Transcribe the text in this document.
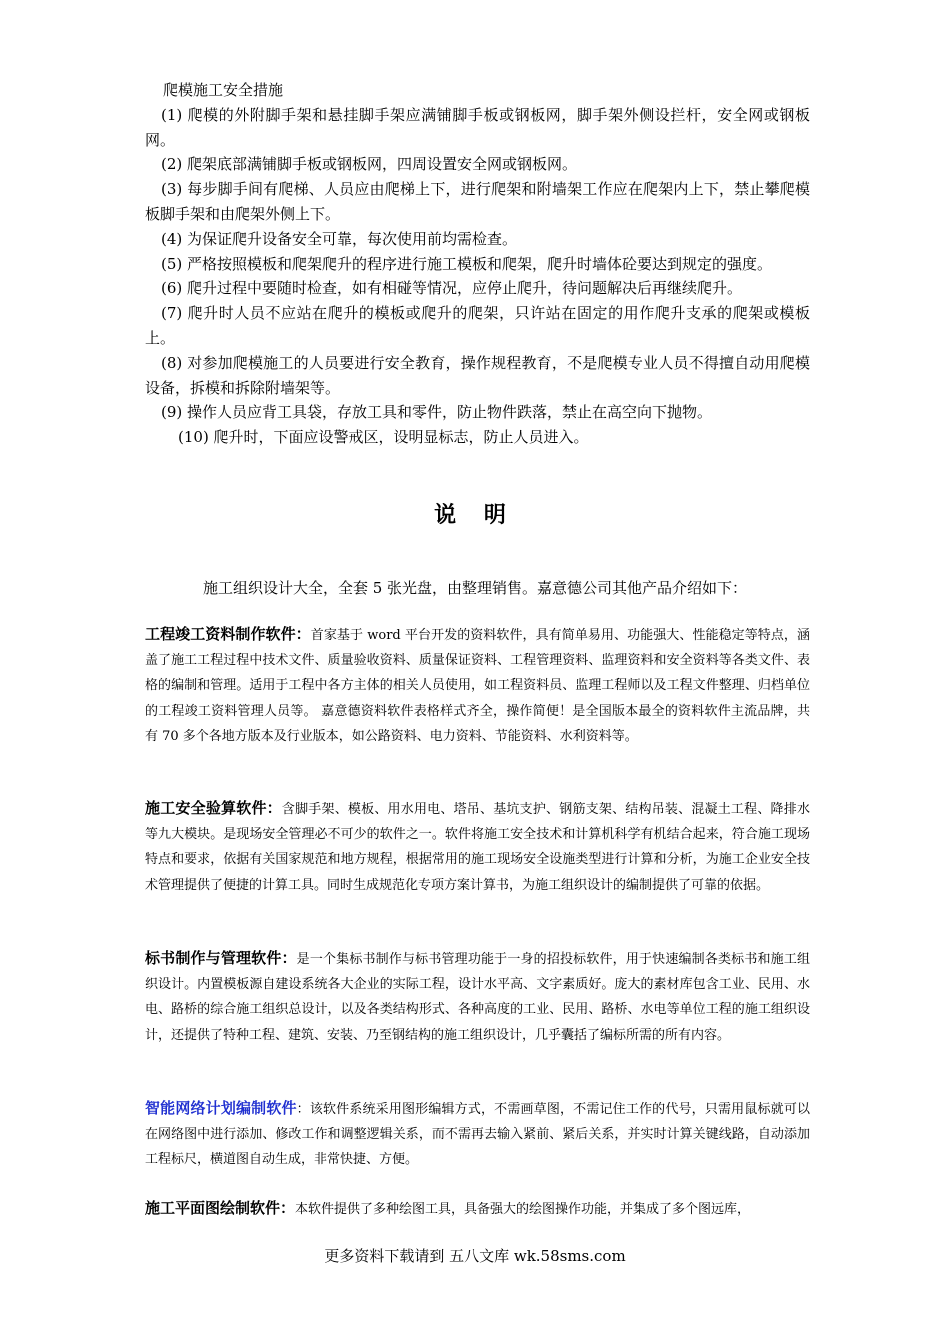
爬模施工安全措施

(1) 爬模的外附脚手架和悬挂脚手架应满铺脚手板或钢板网，脚手架外侧设拦杆，安全网或钢板网。

(2) 爬架底部满铺脚手板或钢板网，四周设置安全网或钢板网。

(3) 每步脚手间有爬梯、人员应由爬梯上下，进行爬架和附墙架工作应在爬架内上下，禁止攀爬模板脚手架和由爬架外侧上下。

(4) 为保证爬升设备安全可靠，每次使用前均需检查。

(5) 严格按照模板和爬架爬升的程序进行施工模板和爬架，爬升时墙体砼要达到规定的强度。

(6) 爬升过程中要随时检查，如有相碰等情况，应停止爬升，待问题解决后再继续爬升。

(7) 爬升时人员不应站在爬升的模板或爬升的爬架，只许站在固定的用作爬升支承的爬架或模板上。

(8) 对参加爬模施工的人员要进行安全教育，操作规程教育，不是爬模专业人员不得擅自动用爬模设备，拆模和拆除附墙架等。

(9) 操作人员应背工具袋，存放工具和零件，防止物件跌落，禁止在高空向下抛物。

(10) 爬升时，下面应设警戒区，设明显标志，防止人员进入。

说 明
施工组织设计大全，全套 5 张光盘，由整理销售。嘉意德公司其他产品介绍如下：

工程竣工资料制作软件：首家基于 word 平台开发的资料软件，具有简单易用、功能强大、性能稳定等特点，涵盖了施工工程过程中技术文件、质量验收资料、质量保证资料、工程管理资料、监理资料和安全资料等各类文件、表格的编制和管理。适用于工程中各方主体的相关人员使用，如工程资料员、监理工程师以及工程文件整理、归档单位的工程竣工资料管理人员等。 嘉意德资料软件表格样式齐全，操作简便！是全国版本最全的资料软件主流品牌，共有 70 多个各地方版本及行业版本，如公路资料、电力资料、节能资料、水利资料等。

施工安全验算软件：含脚手架、模板、用水用电、塔吊、基坑支护、钢筋支架、结构吊装、混凝土工程、降排水等九大模块。是现场安全管理必不可少的软件之一。软件将施工安全技术和计算机科学有机结合起来，符合施工现场特点和要求，依据有关国家规范和地方规程，根据常用的施工现场安全设施类型进行计算和分析，为施工企业安全技术管理提供了便捷的计算工具。同时生成规范化专项方案计算书，为施工组织设计的编制提供了可靠的依据。

标书制作与管理软件：是一个集标书制作与标书管理功能于一身的招投标软件，用于快速编制各类标书和施工组织设计。内置模板源自建设系统各大企业的实际工程，设计水平高、文字素质好。庞大的素材库包含工业、民用、水电、路桥的综合施工组织总设计，以及各类结构形式、各种高度的工业、民用、路桥、水电等单位工程的施工组织设计，还提供了特种工程、建筑、安装、乃至钢结构的施工组织设计，几乎囊括了编标所需的所有内容。

智能网络计划编制软件：该软件系统采用图形编辑方式，不需画草图，不需记住工作的代号，只需用鼠标就可以在网络图中进行添加、修改工作和调整逻辑关系，而不需再去输入紧前、紧后关系，并实时计算关键线路，自动添加工程标尺，横道图自动生成，非常快捷、方便。

施工平面图绘制软件：本软件提供了多种绘图工具，具备强大的绘图操作功能，并集成了多个图远库，

更多资料下载请到 五八文库 wk.58sms.com
